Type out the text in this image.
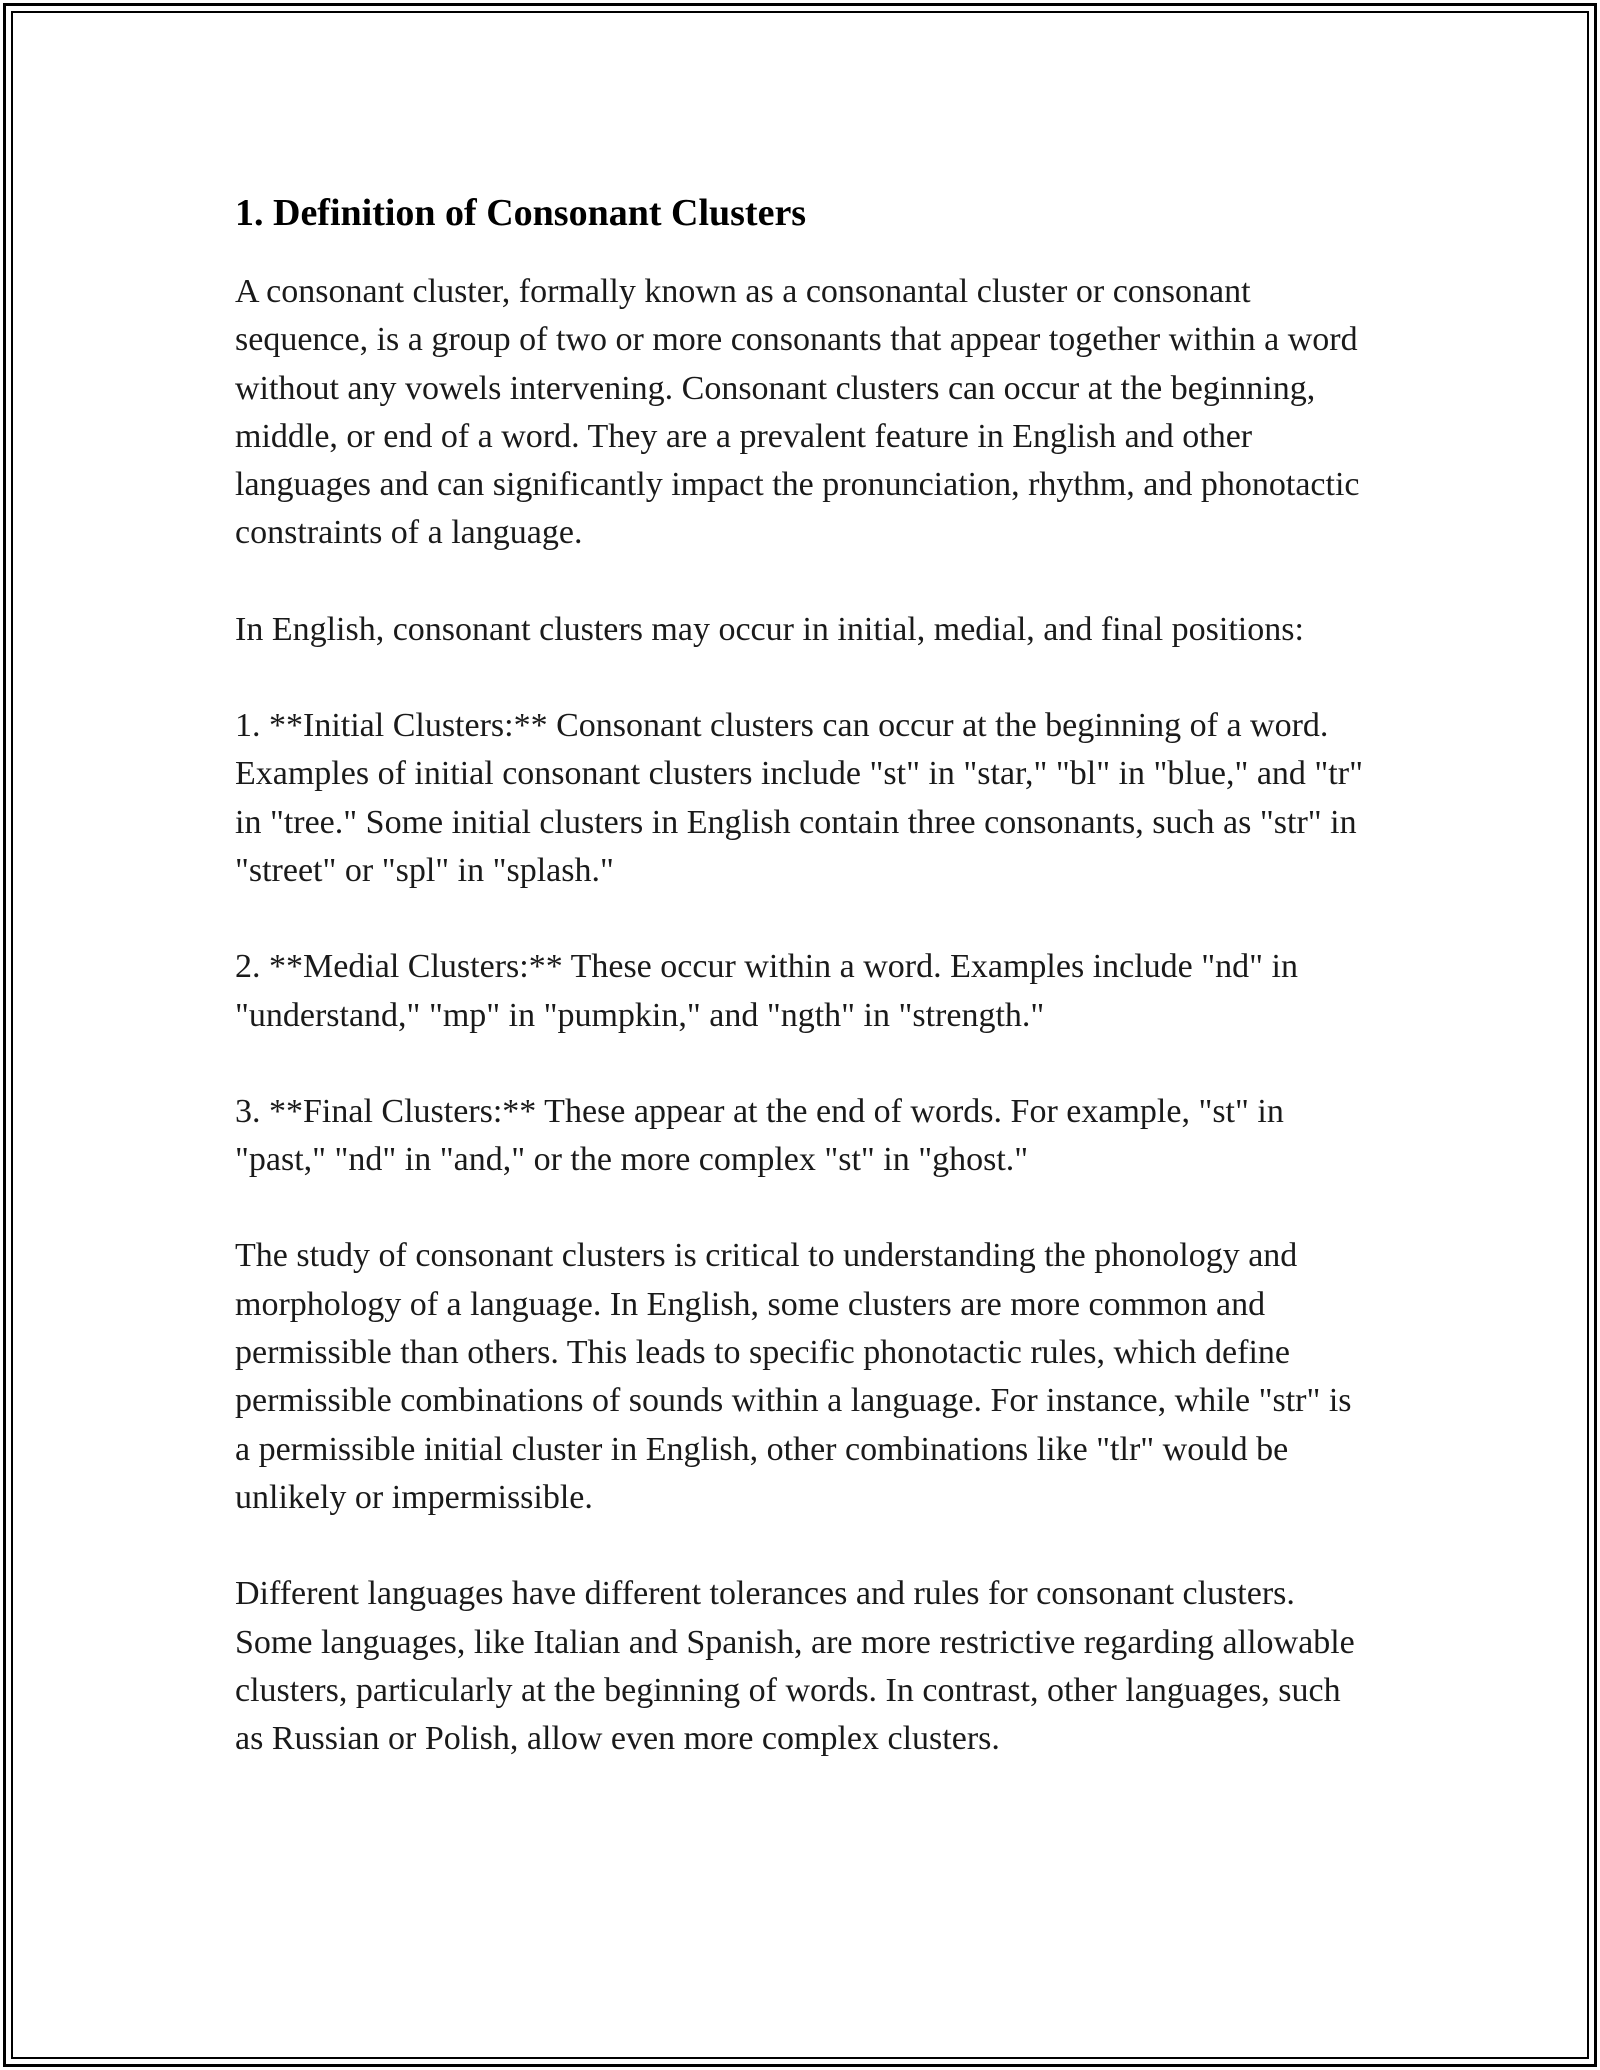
1. Definition of Consonant Clusters

A consonant cluster, formally known as a consonantal cluster or consonant sequence, is a group of two or more consonants that appear together within a word without any vowels intervening. Consonant clusters can occur at the beginning, middle, or end of a word. They are a prevalent feature in English and other languages and can significantly impact the pronunciation, rhythm, and phonotactic constraints of a language.

In English, consonant clusters may occur in initial, medial, and final positions:

1. **Initial Clusters:** Consonant clusters can occur at the beginning of a word. Examples of initial consonant clusters include "st" in "star," "bl" in "blue," and "tr" in "tree." Some initial clusters in English contain three consonants, such as "str" in "street" or "spl" in "splash."

2. **Medial Clusters:** These occur within a word. Examples include "nd" in "understand," "mp" in "pumpkin," and "ngth" in "strength."

3. **Final Clusters:** These appear at the end of words. For example, "st" in "past," "nd" in "and," or the more complex "st" in "ghost."

The study of consonant clusters is critical to understanding the phonology and morphology of a language. In English, some clusters are more common and permissible than others. This leads to specific phonotactic rules, which define permissible combinations of sounds within a language. For instance, while "str" is a permissible initial cluster in English, other combinations like "tlr" would be unlikely or impermissible.

Different languages have different tolerances and rules for consonant clusters. Some languages, like Italian and Spanish, are more restrictive regarding allowable clusters, particularly at the beginning of words. In contrast, other languages, such as Russian or Polish, allow even more complex clusters.
